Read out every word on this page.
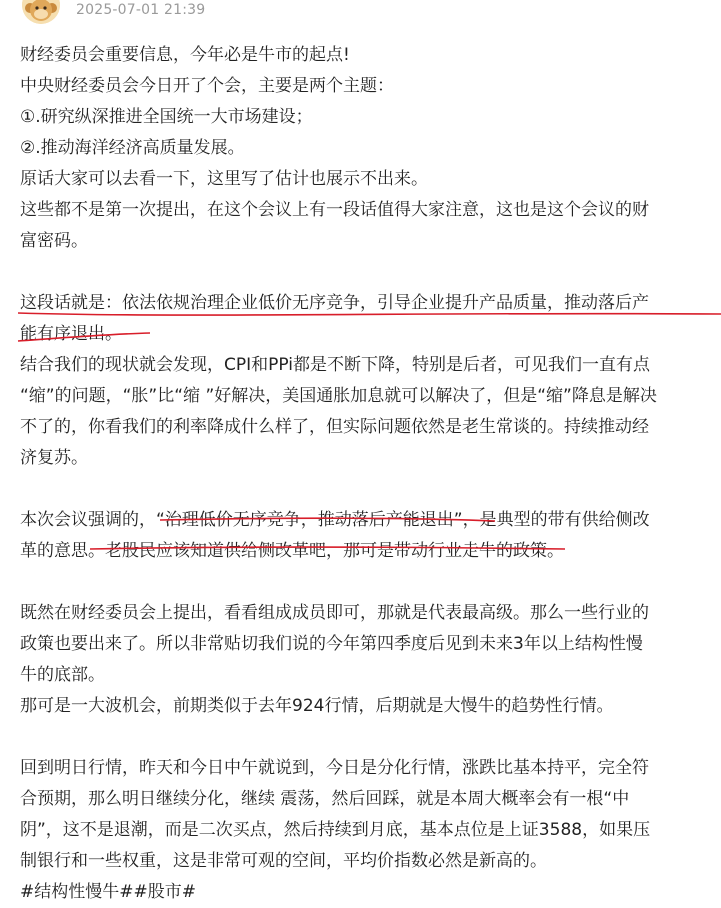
2025-07-01 21:39
财经委员会重要信息，今年必是牛市的起点!
中央财经委员会今日开了个会，主要是两个主题：
①.研究纵深推进全国统一大市场建设；
②.推动海洋经济高质量发展。
原话大家可以去看一下，这里写了估计也展示不出来。
这些都不是第一次提出，在这个会议上有一段话值得大家注意，这也是这个会议的财
富密码。
这段话就是：依法依规治理企业低价无序竞争，引导企业提升产品质量，推动落后产
能有序退出。
结合我们的现状就会发现，CPI和PPi都是不断下降，特别是后者，可见我们一直有点
“缩”的问题，“胀”比“缩 ”好解决，美国通胀加息就可以解决了，但是“缩”降息是解决
不了的，你看我们的利率降成什么样了，但实际问题依然是老生常谈的。持续推动经
济复苏。
本次会议强调的，“治理低价无序竞争，推动落后产能退出”，是典型的带有供给侧改
革的意思。老股民应该知道供给侧改革吧，那可是带动行业走牛的政策。
既然在财经委员会上提出，看看组成成员即可，那就是代表最高级。那么一些行业的
政策也要出来了。所以非常贴切我们说的今年第四季度后见到未来3年以上结构性慢
牛的底部。
那可是一大波机会，前期类似于去年924行情，后期就是大慢牛的趋势性行情。
回到明日行情，昨天和今日中午就说到，今日是分化行情，涨跌比基本持平，完全符
合预期，那么明日继续分化，继续 震荡，然后回踩，就是本周大概率会有一根“中
阴”，这不是退潮，而是二次买点，然后持续到月底，基本点位是上证3588，如果压
制银行和一些权重，这是非常可观的空间，平均价指数必然是新高的。
#结构性慢牛##股市#
